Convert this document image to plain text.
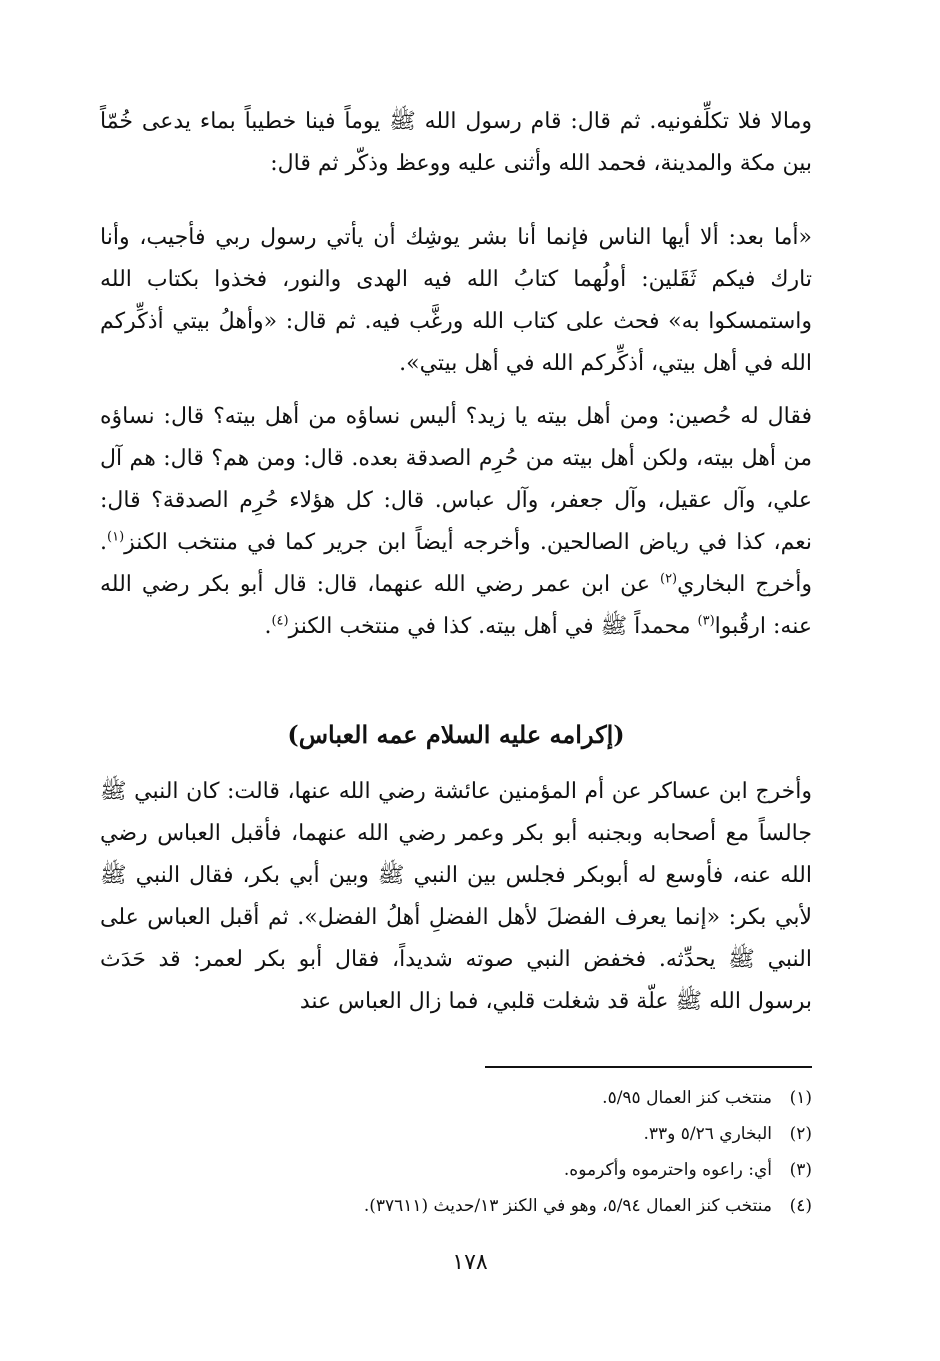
ومالا فلا تكلِّفونيه. ثم قال: قام رسول الله ﷺ يوماً فينا خطيباً بماء يدعى خُمّاً بين مكة والمدينة، فحمد الله وأثنى عليه ووعظ وذكّر ثم قال:

«أما بعد: ألا أيها الناس فإنما أنا بشر يوشِك أن يأتي رسول ربي فأجيب، وأنا تارك فيكم ثَقَلين: أولُهما كتابُ الله فيه الهدى والنور، فخذوا بكتاب الله واستمسكوا به» فحث على كتاب الله ورغَّب فيه. ثم قال: «وأهلُ بيتي أذكِّركم الله في أهل بيتي، أذكِّركم الله في أهل بيتي».

فقال له حُصين: ومن أهل بيته يا زيد؟ أليس نساؤه من أهل بيته؟ قال: نساؤه من أهل بيته، ولكن أهل بيته من حُرِم الصدقة بعده. قال: ومن هم؟ قال: هم آل علي، وآل عقيل، وآل جعفر، وآل عباس. قال: كل هؤلاء حُرِم الصدقة؟ قال: نعم، كذا في رياض الصالحين. وأخرجه أيضاً ابن جرير كما في منتخب الكنز$^{(١)}$. وأخرج البخاري$^{(٢)}$ عن ابن عمر رضي الله عنهما، قال: قال أبو بكر رضي الله عنه: ارقُبوا$^{(٣)}$ محمداً ﷺ في أهل بيته. كذا في منتخب الكنز$^{(٤)}$.

(إكرامه عليه السلام عمه العباس)

وأخرج ابن عساكر عن أم المؤمنين عائشة رضي الله عنها، قالت: كان النبي ﷺ جالساً مع أصحابه وبجنبه أبو بكر وعمر رضي الله عنهما، فأقبل العباس رضي الله عنه، فأوسع له أبوبكر فجلس بين النبي ﷺ وبين أبي بكر، فقال النبي ﷺ لأبي بكر: «إنما يعرف الفضلَ لأهل الفضلِ أهلُ الفضل». ثم أقبل العباس على النبي ﷺ يحدِّثه. فخفض النبي صوته شديداً، فقال أبو بكر لعمر: قد حَدَث برسول الله ﷺ علّة قد شغلت قلبي، فما زال العباس عند

(١)منتخب كنز العمال ٥/٩٥.
(٢)البخاري ٥/٢٦ و٣٣.
(٣)أي: راعوه واحترموه وأكرموه.
(٤)منتخب كنز العمال ٥/٩٤، وهو في الكنز ١٣/حديث (٣٧٦١١).
١٧٨
